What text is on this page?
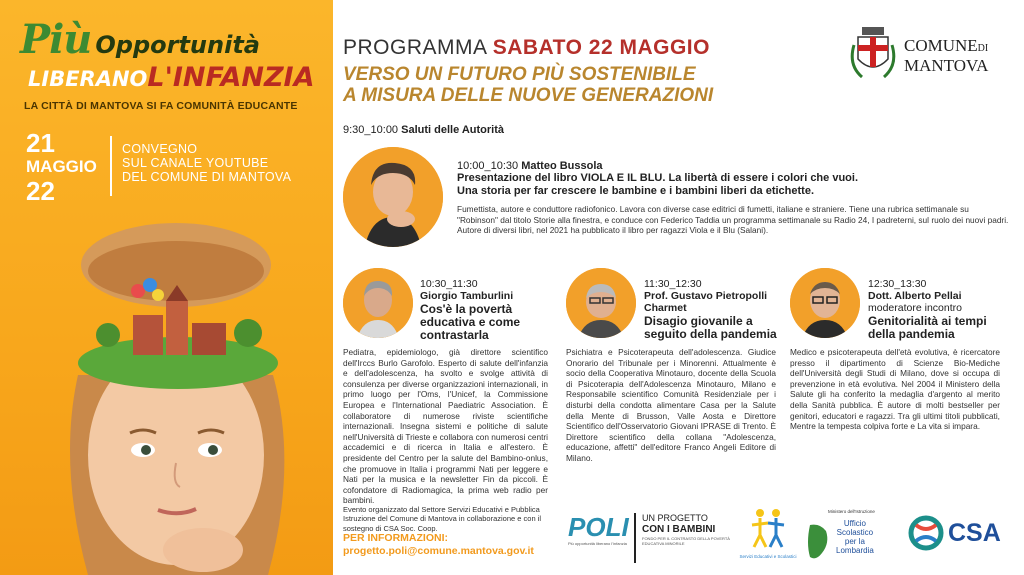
Più Opportunità
LIBERANOL'INFANZIA
LA CITTÀ DI MANTOVA SI FA COMUNITÀ EDUCANTE
21
MAGGIO
22
CONVEGNO
SUL CANALE YOUTUBE
DEL COMUNE DI MANTOVA
PROGRAMMA SABATO 22 MAGGIO
VERSO UN FUTURO PIÙ SOSTENIBILE
A MISURA DELLE NUOVE GENERAZIONI
COMUNEDI
MANTOVA
9:30_10:00 Saluti delle Autorità
10:00_10:30 Matteo Bussola
Presentazione del libro VIOLA E IL BLU. La libertà di essere i colori che vuoi.
Una storia per far crescere le bambine e i bambini liberi da etichette.
Fumettista, autore e conduttore radiofonico. Lavora con diverse case editrici di fumetti, italiane e straniere. Tiene una rubrica settimanale su "Robinson" dal titolo Storie alla finestra, e conduce con Federico Taddia un programma settimanale su Radio 24, I padreterni, sul ruolo dei nuovi padri. Autore di diversi libri, nel 2021 ha pubblicato il libro per ragazzi Viola e il Blu (Salani).
10:30_11:30
Giorgio Tamburlini
Cos'è la povertà
educativa e come
contrastarla
Pediatra, epidemiologo, già direttore scientifico dell'Irccs Burlo Garofolo. Esperto di salute dell'infanzia e dell'adolescenza, ha svolto e svolge attività di consulenza per diverse organizzazioni internazionali, in primo luogo per l'Oms, l'Unicef, la Commissione Europea e l'International Paediatric Association. È collaboratore di numerose riviste scientifiche internazionali. Insegna sistemi e politiche di salute nell'Università di Trieste e collabora con numerosi centri accademici e di ricerca in Italia e all'estero. È presidente del Centro per la salute del Bambino-onlus, che promuove in Italia i programmi Nati per leggere e Nati per la musica e la newsletter Fin da piccoli. È cofondatore di Radiomagica, la prima web radio per bambini.
11:30_12:30
Prof. Gustavo Pietropolli Charmet
Disagio giovanile a
seguito della pandemia
Psichiatra e Psicoterapeuta dell'adolescenza. Giudice Onorario del Tribunale per i Minorenni. Attualmente è socio della Cooperativa Minotauro, docente della Scuola di Psicoterapia dell'Adolescenza Minotauro, Milano e Responsabile scientifico Comunità Residenziale per i disturbi della condotta alimentare Casa per la Salute della Mente di Brusson, Valle Aosta e Direttore Scientifico dell'Osservatorio Giovani IPRASE di Trento. È Direttore scientifico della collana "Adolescenza, educazione, affetti" dell'editore Franco Angeli Editore di Milano.
12:30_13:30
Dott. Alberto Pellai
moderatore incontro
Genitorialità ai tempi
della pandemia
Medico e psicoterapeuta dell'età evolutiva, è ricercatore presso il dipartimento di Scienze Bio-Mediche dell'Università degli Studi di Milano, dove si occupa di prevenzione in età evolutiva. Nel 2004 il Ministero della Salute gli ha conferito la medaglia d'argento al merito della Sanità pubblica. È autore di molti bestseller per genitori, educatori e ragazzi. Tra gli ultimi titoli pubblicati, Mentre la tempesta colpiva forte e La vita si impara.
Evento organizzato dal Settore Servizi Educativi e Pubblica Istruzione del Comune di Mantova in collaborazione e con il sostegno di CSA Soc. Coop.
PER INFORMAZIONI:
progetto.poli@comune.mantova.gov.it
POLI
Più opportunità liberano l'infanzia
UN PROGETTO
CON I BAMBINI
FONDO PER IL CONTRASTO DELLA POVERTÀ EDUCATIVA MINORILE
Servizi Educativi e Scolastici
Ministero dell'Istruzione
Ufficio
Scolastico
per la
Lombardia
CSA
